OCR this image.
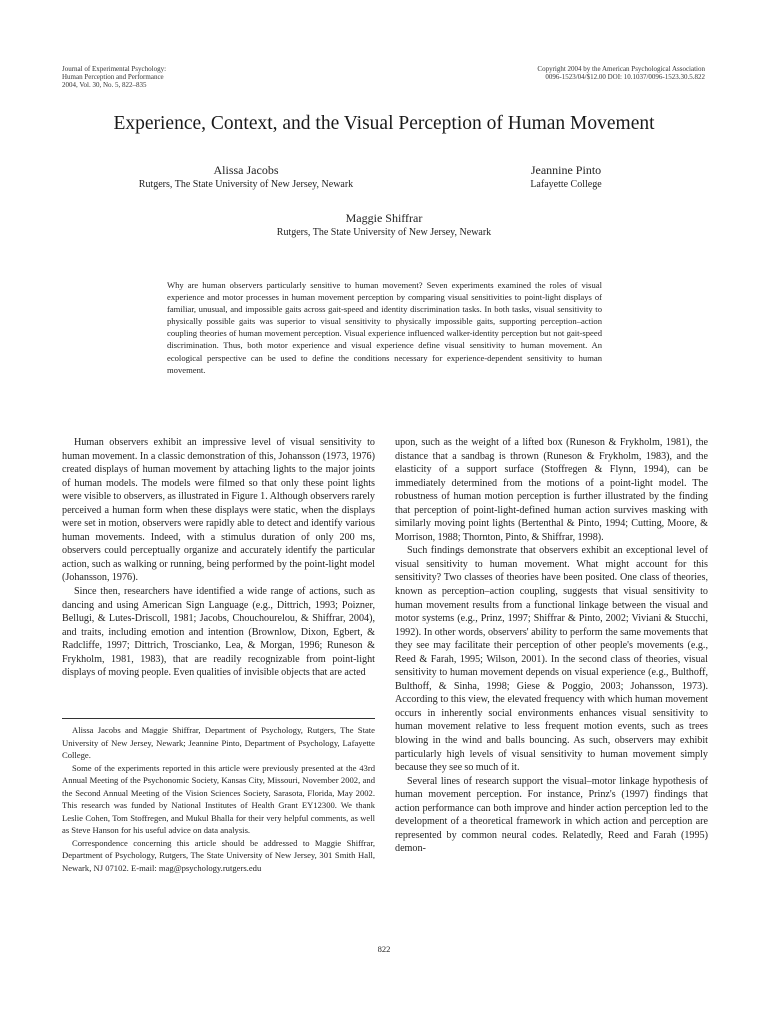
Journal of Experimental Psychology:
Human Perception and Performance
2004, Vol. 30, No. 5, 822–835
Copyright 2004 by the American Psychological Association
0096-1523/04/$12.00 DOI: 10.1037/0096-1523.30.5.822
Experience, Context, and the Visual Perception of Human Movement
Alissa Jacobs
Rutgers, The State University of New Jersey, Newark
Jeannine Pinto
Lafayette College
Maggie Shiffrar
Rutgers, The State University of New Jersey, Newark
Why are human observers particularly sensitive to human movement? Seven experiments examined the roles of visual experience and motor processes in human movement perception by comparing visual sensitivities to point-light displays of familiar, unusual, and impossible gaits across gait-speed and identity discrimination tasks. In both tasks, visual sensitivity to physically possible gaits was superior to visual sensitivity to physically impossible gaits, supporting perception–action coupling theories of human movement perception. Visual experience influenced walker-identity perception but not gait-speed discrimination. Thus, both motor experience and visual experience define visual sensitivity to human movement. An ecological perspective can be used to define the conditions necessary for experience-dependent sensitivity to human movement.

Human observers exhibit an impressive level of visual sensitivity to human movement. In a classic demonstration of this, Johansson (1973, 1976) created displays of human movement by attaching lights to the major joints of human models. The models were filmed so that only these point lights were visible to observers, as illustrated in Figure 1. Although observers rarely perceived a human form when these displays were static, when the displays were set in motion, observers were rapidly able to detect and identify various human movements. Indeed, with a stimulus duration of only 200 ms, observers could perceptually organize and accurately identify the particular action, such as walking or running, being performed by the point-light model (Johansson, 1976).

Since then, researchers have identified a wide range of actions, such as dancing and using American Sign Language (e.g., Dittrich, 1993; Poizner, Bellugi, & Lutes-Driscoll, 1981; Jacobs, Chouchourelou, & Shiffrar, 2004), and traits, including emotion and intention (Brownlow, Dixon, Egbert, & Radcliffe, 1997; Dittrich, Troscianko, Lea, & Morgan, 1996; Runeson & Frykholm, 1981, 1983), that are readily recognizable from point-light displays of moving people. Even qualities of invisible objects that are acted

Alissa Jacobs and Maggie Shiffrar, Department of Psychology, Rutgers, The State University of New Jersey, Newark; Jeannine Pinto, Department of Psychology, Lafayette College.

Some of the experiments reported in this article were previously presented at the 43rd Annual Meeting of the Psychonomic Society, Kansas City, Missouri, November 2002, and the Second Annual Meeting of the Vision Sciences Society, Sarasota, Florida, May 2002. This research was funded by National Institutes of Health Grant EY12300. We thank Leslie Cohen, Tom Stoffregen, and Mukul Bhalla for their very helpful comments, as well as Steve Hanson for his useful advice on data analysis.

Correspondence concerning this article should be addressed to Maggie Shiffrar, Department of Psychology, Rutgers, The State University of New Jersey, 301 Smith Hall, Newark, NJ 07102. E-mail: mag@psychology.rutgers.edu

upon, such as the weight of a lifted box (Runeson & Frykholm, 1981), the distance that a sandbag is thrown (Runeson & Frykholm, 1983), and the elasticity of a support surface (Stoffregen & Flynn, 1994), can be immediately determined from the motions of a point-light model. The robustness of human motion perception is further illustrated by the finding that perception of point-light-defined human action survives masking with similarly moving point lights (Bertenthal & Pinto, 1994; Cutting, Moore, & Morrison, 1988; Thornton, Pinto, & Shiffrar, 1998).

Such findings demonstrate that observers exhibit an exceptional level of visual sensitivity to human movement. What might account for this sensitivity? Two classes of theories have been posited. One class of theories, known as perception–action coupling, suggests that visual sensitivity to human movement results from a functional linkage between the visual and motor systems (e.g., Prinz, 1997; Shiffrar & Pinto, 2002; Viviani & Stucchi, 1992). In other words, observers' ability to perform the same movements that they see may facilitate their perception of other people's movements (e.g., Reed & Farah, 1995; Wilson, 2001). In the second class of theories, visual sensitivity to human movement depends on visual experience (e.g., Bulthoff, Bulthoff, & Sinha, 1998; Giese & Poggio, 2003; Johansson, 1973). According to this view, the elevated frequency with which human movement occurs in inherently social environments enhances visual sensitivity to human movement relative to less frequent motion events, such as trees blowing in the wind and balls bouncing. As such, observers may exhibit particularly high levels of visual sensitivity to human movement simply because they see so much of it.

Several lines of research support the visual–motor linkage hypothesis of human movement perception. For instance, Prinz's (1997) findings that action performance can both improve and hinder action perception led to the development of a theoretical framework in which action and perception are represented by common neural codes. Relatedly, Reed and Farah (1995) demon-

822
